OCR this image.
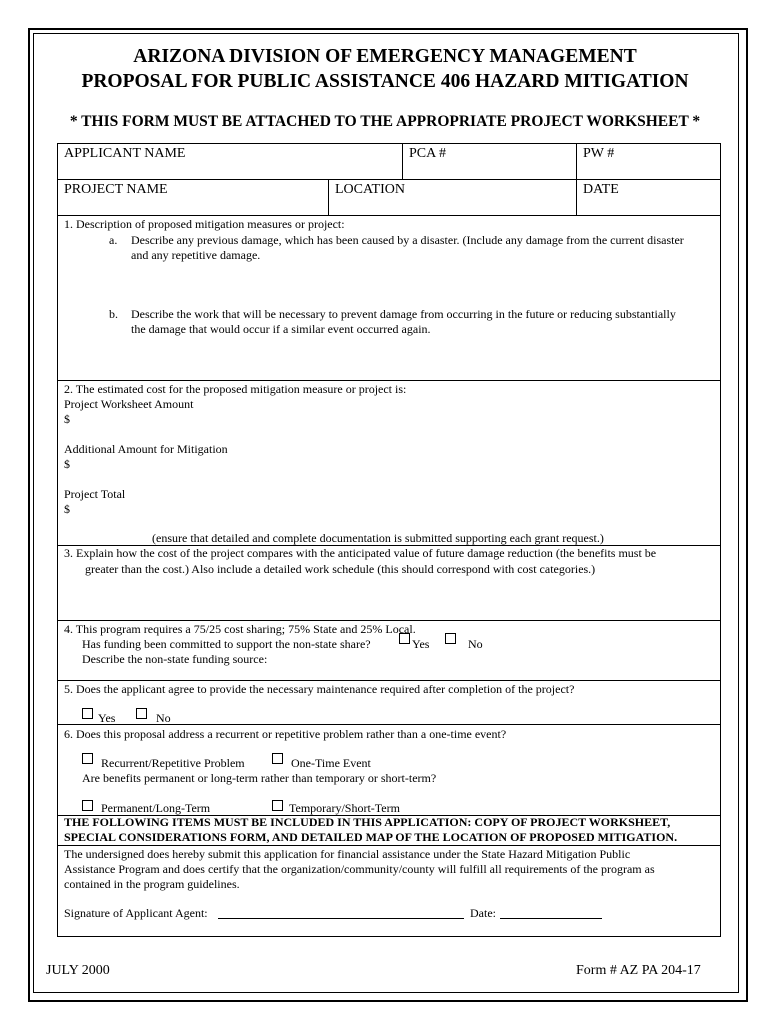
ARIZONA DIVISION OF EMERGENCY MANAGEMENT
PROPOSAL FOR PUBLIC ASSISTANCE 406 HAZARD MITIGATION
* THIS FORM MUST BE ATTACHED TO THE APPROPRIATE PROJECT WORKSHEET *
APPLICANT NAME	PCA #	PW #
PROJECT NAME	LOCATION	DATE
1. Description of proposed mitigation measures or project:
a. Describe any previous damage, which has been caused by a disaster. (Include any damage from the current disaster
and any repetitive damage.
b. Describe the work that will be necessary to prevent damage from occurring in the future or reducing substantially
the damage that would occur if a similar event occurred again.
2. The estimated cost for the proposed mitigation measure or project is:
Project Worksheet Amount
$
Additional Amount for Mitigation
$
Project Total
$
(ensure that detailed and complete documentation is submitted supporting each grant request.)
3. Explain how the cost of the project compares with the anticipated value of future damage reduction (the benefits must be
greater than the cost.) Also include a detailed work schedule (this should correspond with cost categories.)
4. This program requires a 75/25 cost sharing; 75% State and 25% Local.
Has funding been committed to support the non-state share?	Yes	No
Describe the non-state funding source:
5. Does the applicant agree to provide the necessary maintenance required after completion of the project?
Yes	No
6. Does this proposal address a recurrent or repetitive problem rather than a one-time event?
Recurrent/Repetitive Problem	One-Time Event
Are benefits permanent or long-term rather than temporary or short-term?
Permanent/Long-Term	Temporary/Short-Term
THE FOLLOWING ITEMS MUST BE INCLUDED IN THIS APPLICATION: COPY OF PROJECT WORKSHEET,
SPECIAL CONSIDERATIONS FORM, AND DETAILED MAP OF THE LOCATION OF PROPOSED MITIGATION.
The undersigned does hereby submit this application for financial assistance under the State Hazard Mitigation Public
Assistance Program and does certify that the organization/community/county will fulfill all requirements of the program as
contained in the program guidelines.
Signature of Applicant Agent:	Date:
JULY 2000	Form # AZ PA 204-17
